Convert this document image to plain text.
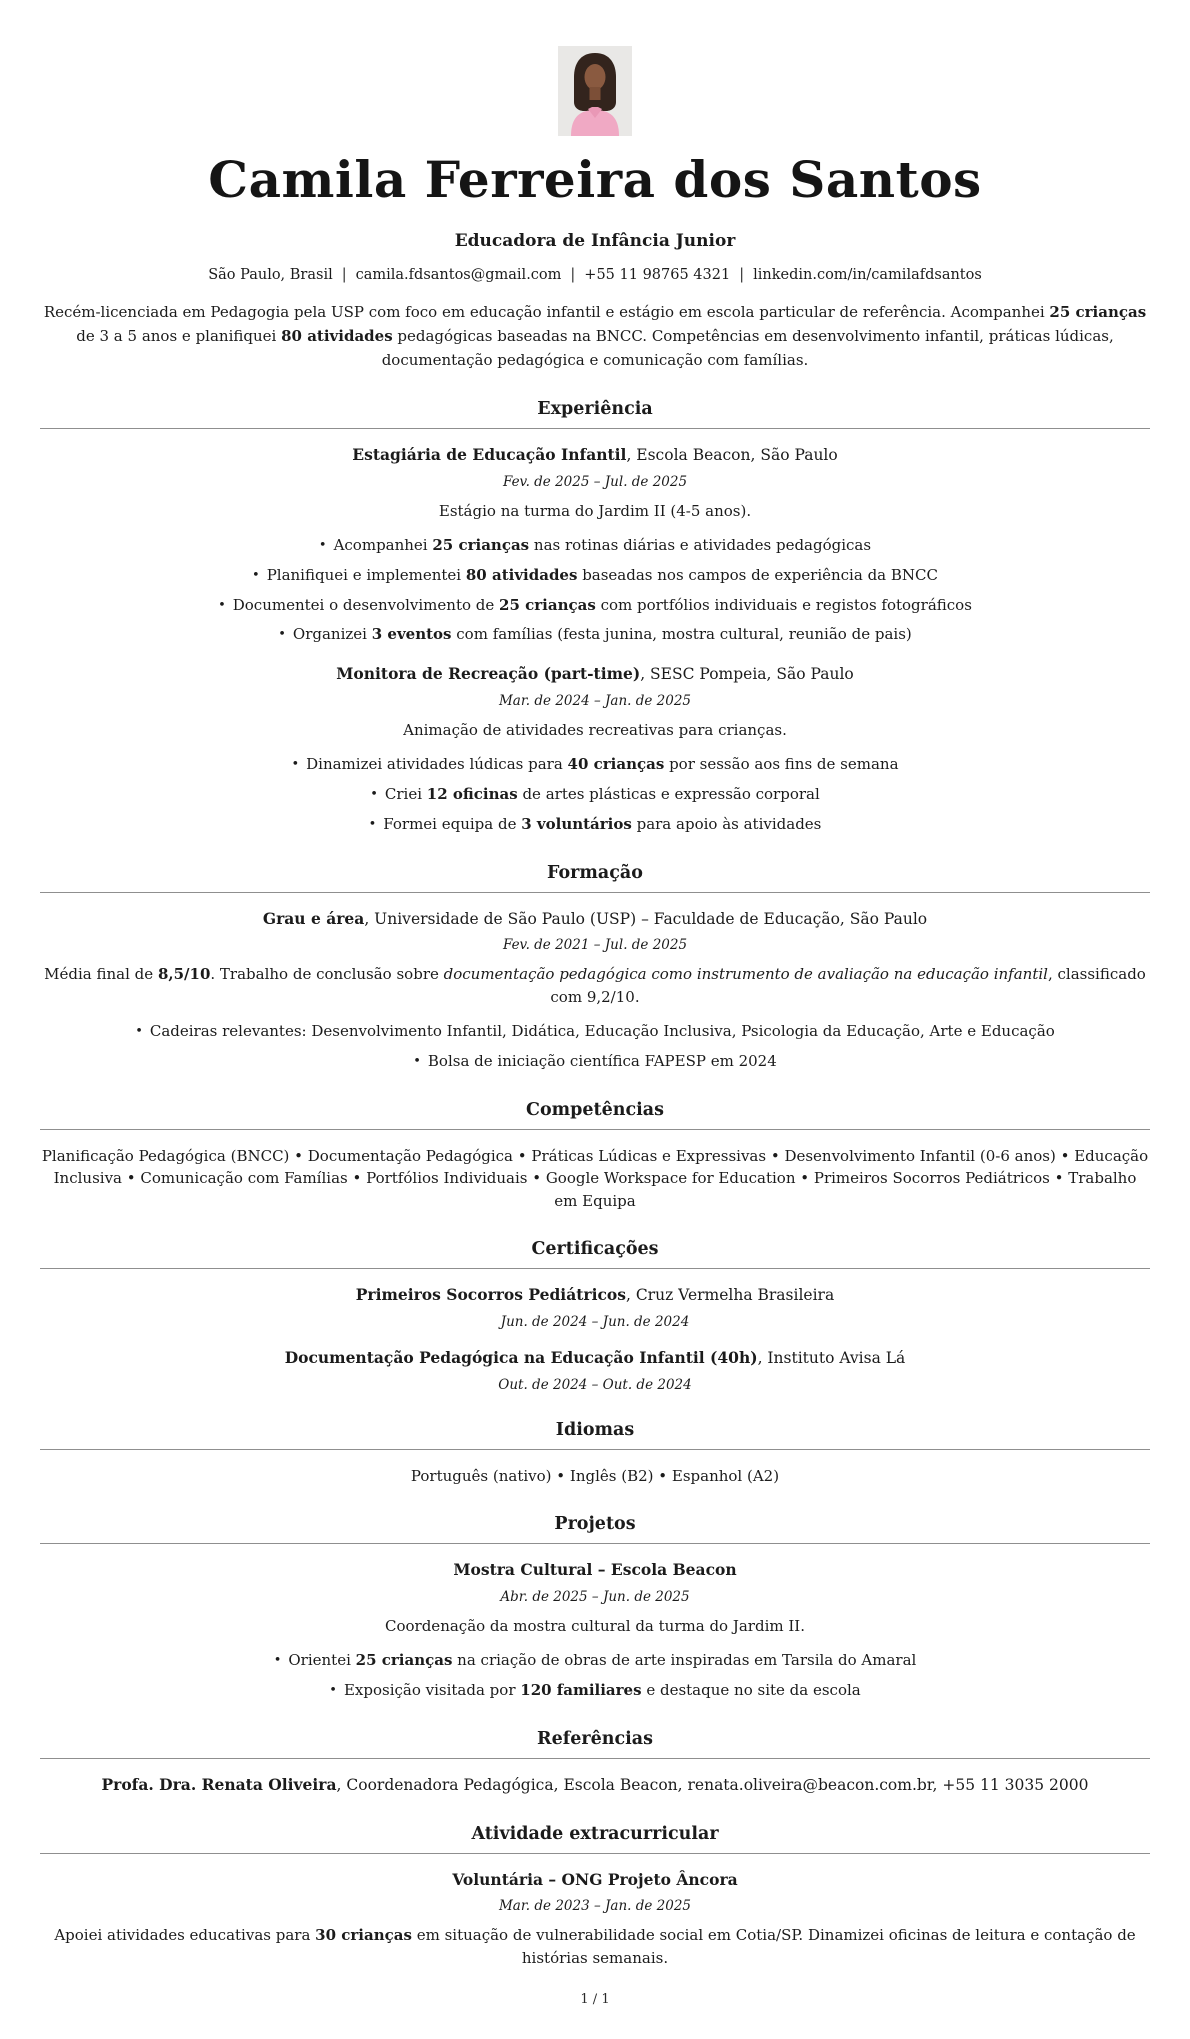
Camila Ferreira dos Santos
Educadora de Infância Junior
São Paulo, Brasil | camila.fdsantos@gmail.com | +55 11 98765 4321 | linkedin.com/in/camilafdsantos
Recém-licenciada em Pedagogia pela USP com foco em educação infantil e estágio em escola particular de referência. Acompanhei 25 crianças de 3 a 5 anos e planifiquei 80 atividades pedagógicas baseadas na BNCC. Competências em desenvolvimento infantil, práticas lúdicas, documentação pedagógica e comunicação com famílias.
Experiência
Estagiária de Educação Infantil, Escola Beacon, São Paulo
Fev. de 2025 – Jul. de 2025
Estágio na turma do Jardim II (4-5 anos).
• Acompanhei 25 crianças nas rotinas diárias e atividades pedagógicas
• Planifiquei e implementei 80 atividades baseadas nos campos de experiência da BNCC
• Documentei o desenvolvimento de 25 crianças com portfólios individuais e registos fotográficos
• Organizei 3 eventos com famílias (festa junina, mostra cultural, reunião de pais)
Monitora de Recreação (part-time), SESC Pompeia, São Paulo
Mar. de 2024 – Jan. de 2025
Animação de atividades recreativas para crianças.
• Dinamizei atividades lúdicas para 40 crianças por sessão aos fins de semana
• Criei 12 oficinas de artes plásticas e expressão corporal
• Formei equipa de 3 voluntários para apoio às atividades
Formação
Grau e área, Universidade de São Paulo (USP) – Faculdade de Educação, São Paulo
Fev. de 2021 – Jul. de 2025
Média final de 8,5/10. Trabalho de conclusão sobre documentação pedagógica como instrumento de avaliação na educação infantil, classificado com 9,2/10.
• Cadeiras relevantes: Desenvolvimento Infantil, Didática, Educação Inclusiva, Psicologia da Educação, Arte e Educação
• Bolsa de iniciação científica FAPESP em 2024
Competências
Planificação Pedagógica (BNCC) • Documentação Pedagógica • Práticas Lúdicas e Expressivas • Desenvolvimento Infantil (0-6 anos) • Educação Inclusiva • Comunicação com Famílias • Portfólios Individuais • Google Workspace for Education • Primeiros Socorros Pediátricos • Trabalho em Equipa
Certificações
Primeiros Socorros Pediátricos, Cruz Vermelha Brasileira
Jun. de 2024 – Jun. de 2024
Documentação Pedagógica na Educação Infantil (40h), Instituto Avisa Lá
Out. de 2024 – Out. de 2024
Idiomas
Português (nativo) • Inglês (B2) • Espanhol (A2)
Projetos
Mostra Cultural – Escola Beacon
Abr. de 2025 – Jun. de 2025
Coordenação da mostra cultural da turma do Jardim II.
• Orientei 25 crianças na criação de obras de arte inspiradas em Tarsila do Amaral
• Exposição visitada por 120 familiares e destaque no site da escola
Referências
Profa. Dra. Renata Oliveira, Coordenadora Pedagógica, Escola Beacon, renata.oliveira@beacon.com.br, +55 11 3035 2000
Atividade extracurricular
Voluntária – ONG Projeto Âncora
Mar. de 2023 – Jan. de 2025
Apoiei atividades educativas para 30 crianças em situação de vulnerabilidade social em Cotia/SP. Dinamizei oficinas de leitura e contação de histórias semanais.
1 / 1
